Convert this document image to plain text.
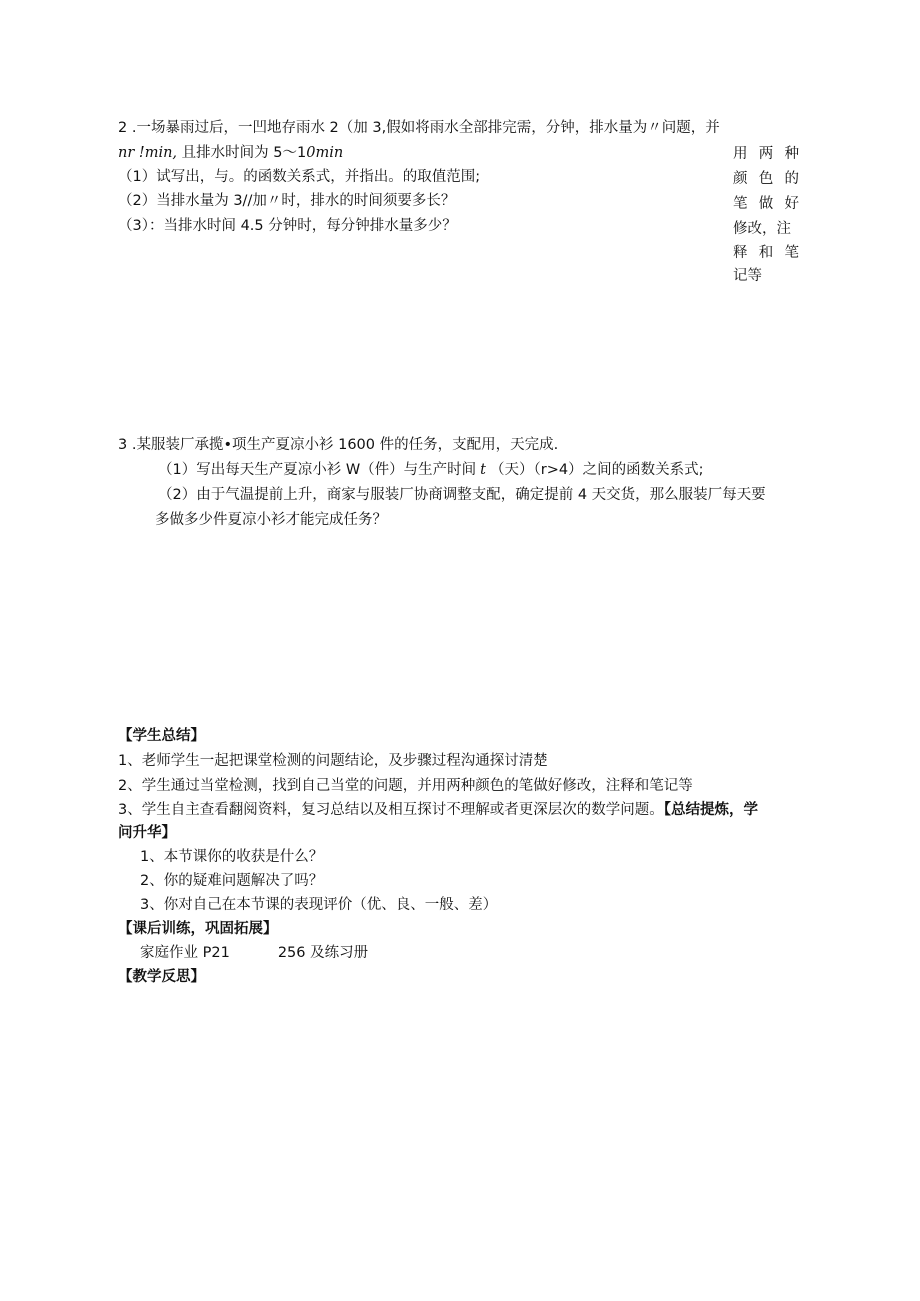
2 .一场暴雨过后，一凹地存雨水 2（加 3,假如将雨水全部排完需，分钟，排水量为〃问题，并
nr !min, 且排水时间为 5～10min
（1）试写出，与。的函数关系式，并指出。的取值范围;
（2）当排水量为 3//加〃时，排水的时间须要多长？
（3）：当排水时间 4.5 分钟时，每分钟排水量多少？
用 两 种
颜 色 的
笔 做 好
修改，注
释 和 笔
记等
3 .某服装厂承揽•项生产夏凉小衫 1600 件的任务，支配用，天完成.
（1）写出每天生产夏凉小衫 W（件）与生产时间 t （天）（r>4）之间的函数关系式;
（2）由于气温提前上升，商家与服装厂协商调整支配，确定提前 4 天交货，那么服装厂每天要
多做多少件夏凉小衫才能完成任务？
【学生总结】
1、老师学生一起把课堂检测的问题结论，及步骤过程沟通探讨清楚
2、学生通过当堂检测，找到自己当堂的问题，并用两种颜色的笔做好修改，注释和笔记等
3、学生自主查看翻阅资料，复习总结以及相互探讨不理解或者更深层次的数学问题。【总结提炼，学
问升华】
1、本节课你的收获是什么？
2、你的疑难问题解决了吗？
3、你对自己在本节课的表现评价（优、良、一般、差）
【课后训练，巩固拓展】
家庭作业 P21	256 及练习册
【教学反思】
